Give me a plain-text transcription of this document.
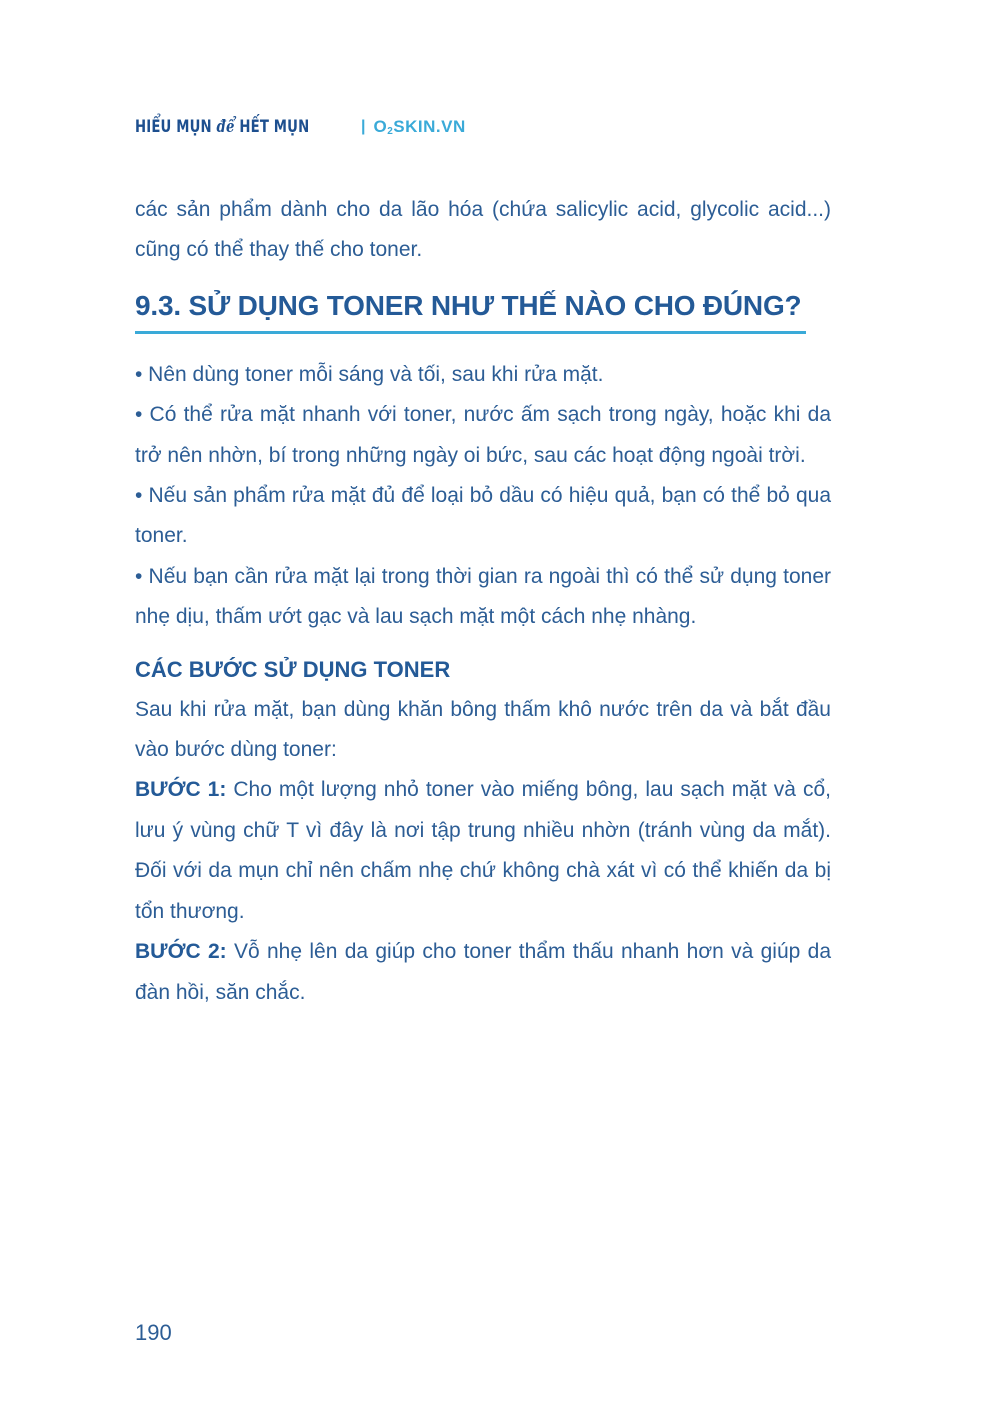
HIỂU MỤN để HẾT MỤN	| $O_2SKIN.VN$

các sản phẩm dành cho da lão hóa (chứa salicylic acid, glycolic acid...) cũng có thể thay thế cho toner.

9.3. SỬ DỤNG TONER NHƯ THẾ NÀO CHO ĐÚNG?

• Nên dùng toner mỗi sáng và tối, sau khi rửa mặt.

• Có thể rửa mặt nhanh với toner, nước ấm sạch trong ngày, hoặc khi da trở nên nhờn, bí trong những ngày oi bức, sau các hoạt động ngoài trời.

• Nếu sản phẩm rửa mặt đủ để loại bỏ dầu có hiệu quả, bạn có thể bỏ qua toner.

• Nếu bạn cần rửa mặt lại trong thời gian ra ngoài thì có thể sử dụng toner nhẹ dịu, thấm ướt gạc và lau sạch mặt một cách nhẹ nhàng.

CÁC BƯỚC SỬ DỤNG TONER

Sau khi rửa mặt, bạn dùng khăn bông thấm khô nước trên da và bắt đầu vào bước dùng toner:

BƯỚC 1: Cho một lượng nhỏ toner vào miếng bông, lau sạch mặt và cổ, lưu ý vùng chữ T vì đây là nơi tập trung nhiều nhờn (tránh vùng da mắt). Đối với da mụn chỉ nên chấm nhẹ chứ không chà xát vì có thể khiến da bị tổn thương.

BƯỚC 2: Vỗ nhẹ lên da giúp cho toner thẩm thấu nhanh hơn và giúp da đàn hồi, săn chắc.

190
